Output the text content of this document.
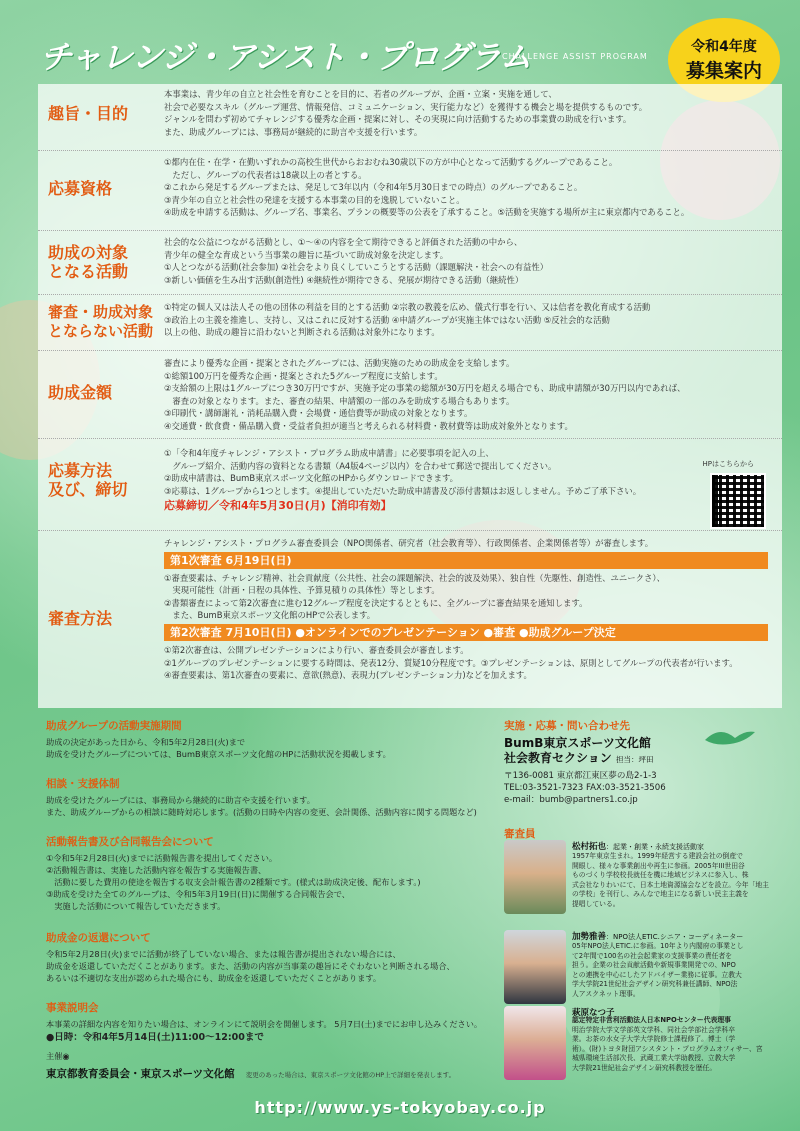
チャレンジ・アシスト・プログラム
CHALLENGE ASSIST PROGRAM
令和4年度
募集案内
趣旨・目的

本事業は、青少年の自立と社会性を育むことを目的に、若者のグループが、企画・立案・実施を通して、

社会で必要なスキル（グループ運営、情報発信、コミュニケーション、実行能力など）を獲得する機会と場を提供するものです。

ジャンルを問わず初めてチャレンジする優秀な企画・提案に対し、その実現に向け活動するための事業費の助成を行います。

また、助成グループには、事務局が継続的に助言や支援を行います。

応募資格

①都内在住・在学・在勤いずれかの高校生世代からおおむね30歳以下の方が中心となって活動するグループであること。

　ただし、グループの代表者は18歳以上の者とする。

②これから発足するグループまたは、発足して3年以内（令和4年5月30日までの時点）のグループであること。

③青少年の自立と社会性の発達を支援する本事業の目的を逸脱していないこと。

④助成を申請する活動は、グループ名、事業名、プランの概要等の公表を了承すること。⑤活動を実施する場所が主に東京都内であること。

助成の対象
となる活動

社会的な公益につながる活動とし、①〜④の内容を全て期待できると評価された活動の中から、

青少年の健全な育成という当事業の趣旨に基づいて助成対象を決定します。

①人とつながる活動(社会参加) ②社会をより良くしていこうとする活動（課題解決・社会への有益性）

③新しい価値を生み出す活動(創造性) ④継続性が期待できる、発展が期待できる活動（継続性）

審査・助成対象
とならない活動

①特定の個人又は法人その他の団体の利益を目的とする活動 ②宗教の教義を広め、儀式行事を行い、又は信者を教化育成する活動

③政治上の主義を推進し、支持し、又はこれに反対する活動 ④申請グループが実施主体ではない活動 ⑤反社会的な活動

以上の他、助成の趣旨に沿わないと判断される活動は対象外になります。

助成金額

審査により優秀な企画・提案とされたグループには、活動実施のための助成金を支給します。

①総額100万円を優秀な企画・提案とされた5グループ程度に支給します。

②支給額の上限は1グループにつき30万円ですが、実施予定の事業の総額が30万円を超える場合でも、助成申請額が30万円以内であれば、

　審査の対象となります。また、審査の結果、申請額の一部のみを助成する場合もあります。

③印刷代・講師謝礼・消耗品購入費・会場費・通信費等が助成の対象となります。

④交通費・飲食費・備品購入費・受益者負担が適当と考えられる材料費・教材費等は助成対象外となります。

応募方法
及び、締切

①「令和4年度チャレンジ・アシスト・プログラム助成申請書」に必要事項を記入の上、

　グループ紹介、活動内容の資料となる書類（A4版4ページ以内）を合わせて郵送で提出してください。

②助成申請書は、BumB東京スポーツ文化館のHPからダウンロードできます。

③応募は、1グループから1つとします。④提出していただいた助成申請書及び添付書類はお返ししません。予めご了承下さい。

応募締切／令和4年5月30日(月)【消印有効】
HPはこちらから
審査方法

チャレンジ・アシスト・プログラム審査委員会（NPO関係者、研究者（社会教育等）、行政関係者、企業関係者等）が審査します。

第1次審査 6月19日(日)

①審査要素は、チャレンジ精神、社会貢献度（公共性、社会の課題解決、社会的波及効果）、独自性（先駆性、創造性、ユニークさ）、

　実現可能性（計画・日程の具体性、予算見積りの具体性）等とします。

②書類審査によって第2次審査に進む12グループ程度を決定するとともに、全グループに審査結果を通知します。

　また、BumB東京スポーツ文化館のHPで公表します。

第2次審査 7月10日(日) ●オンラインでのプレゼンテーション ●審査 ●助成グループ決定

①第2次審査は、公開プレゼンテーションにより行い、審査委員会が審査します。

②1グループのプレゼンテーションに要する時間は、発表12分、質疑10分程度です。③プレゼンテーションは、原則としてグループの代表者が行います。

④審査要素は、第1次審査の要素に、意欲(熱意)、表現力(プレゼンテーション力)などを加えます。

助成グループの活動実施期間

助成の決定があった日から、令和5年2月28日(火)まで

助成を受けたグループについては、BumB東京スポーツ文化館のHPに活動状況を掲載します。

相談・支援体制

助成を受けたグループには、事務局から継続的に助言や支援を行います。

また、助成グループからの相談に随時対応します。(活動の日時や内容の変更、会計関係、活動内容に関する問題など)

活動報告書及び合同報告会について

①令和5年2月28日(火)までに活動報告書を提出してください。

②活動報告書は、実施した活動内容を報告する実施報告書、

　活動に要した費用の使途を報告する収支会計報告書の2種類です。(様式は助成決定後、配布します。)

③助成を受けた全てのグループは、令和5年3月19日(日)に開催する合同報告会で、

　実施した活動について報告していただきます。

助成金の返還について

令和5年2月28日(火)までに活動が終了していない場合、または報告書が提出されない場合には、

助成金を返還していただくことがあります。また、活動の内容が当事業の趣旨にそぐわないと判断される場合、

あるいは不適切な支出が認められた場合にも、助成金を返還していただくことがあります。

事業説明会

本事業の詳細な内容を知りたい場合は、オンラインにて説明会を開催します。 5月7日(土)までにお申し込みください。

●日時：令和4年5月14日(土)11:00〜12:00まで

主催◉

東京都教育委員会・東京スポーツ文化館 変更のあった場合は、東京スポーツ文化館のHP上で詳細を発表します。
実施・応募・問い合わせ先
BumB東京スポーツ文化館
社会教育セクション 担当：坪田

〒136-0081 東京都江東区夢の島2-1-3

TEL:03-3521-7323 FAX:03-3521-3506

e-mail：bumb@partners1.co.jp

審査員
松村拓也：起業・創業・永続支援活動家

1957年東京生まれ。1999年経営する建設会社の倒産で

開眼し、様々な事業創出や再生に参画。2005年III世田谷

ものづくり学校校長就任を機に地域ビジネスに参入し、株

式会社なりわいにて、日本土地資源協会などを設立。今年「地主

の学校」を刊行し、みんなで地主になる新しい民主主義を

提唱している。

加勢雅善：NPO法人ETIC.シニア・コーディネーター

05年NPO法人ETIC.に参画。10年より内閣府の事業とし

て2年間で100名の社会起業家の支援事業の責任者を

担う。企業の社会貢献活動や新規事業開発での、NPO

との連携を中心にしたアドバイザー業務に従事。立教大

学大学院21世紀社会デザイン研究科兼任講師、NPO法

人アスクネット理事。

萩原なつ子

認定特定非営利活動法人日本NPOセンター代表理事

明治学院大学文学部英文学科、同社会学部社会学科卒

業。お茶の水女子大学大学院修士課程修了。博士（学

術）。(財)トヨタ財団アシスタント・プログラムオフィサー、宮

城県環境生活部次長、武蔵工業大学助教授、立教大学

大学院21世紀社会デザイン研究科教授を歴任。

http://www.ys-tokyobay.co.jp
